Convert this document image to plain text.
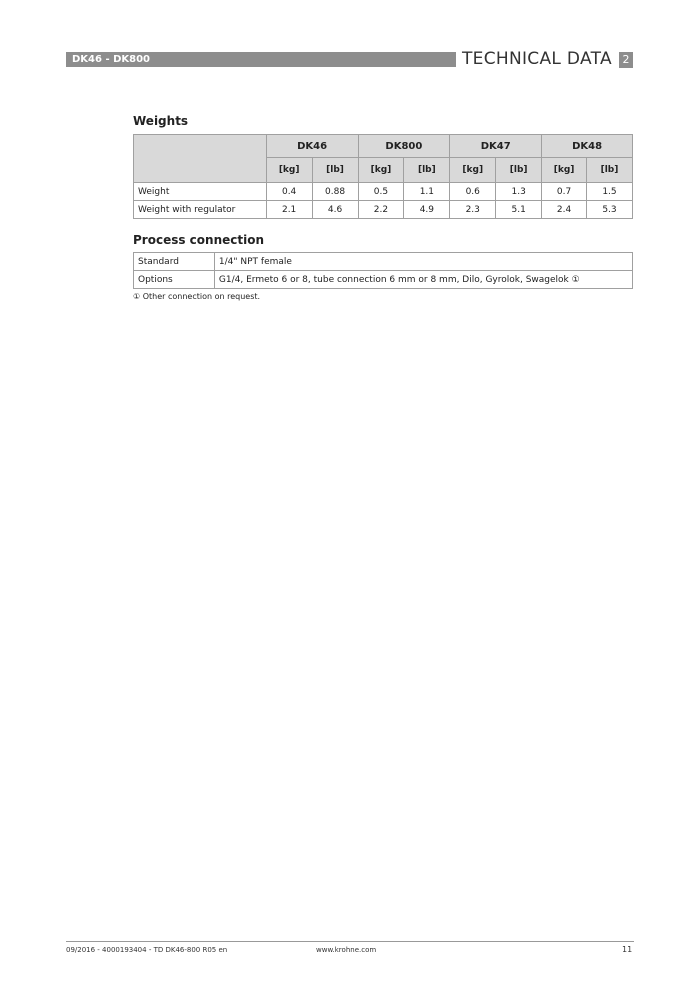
DK46 - DK800	TECHNICAL DATA 2
Weights
	DK46		DK800		DK47		DK48	
	[kg]	[lb]	[kg]	[lb]	[kg]	[lb]	[kg]	[lb]
Weight	0.4	0.88	0.5	1.1	0.6	1.3	0.7	1.5
Weight with regulator	2.1	4.6	2.2	4.9	2.3	5.1	2.4	5.3
Process connection
Standard	1/4" NPT female
Options	G1/4, Ermeto 6 or 8, tube connection 6 mm or 8 mm, Dilo, Gyrolok, Swagelok ①
① Other connection on request.
09/2016 - 4000193404 - TD DK46-800 R05 en	www.krohne.com	11
